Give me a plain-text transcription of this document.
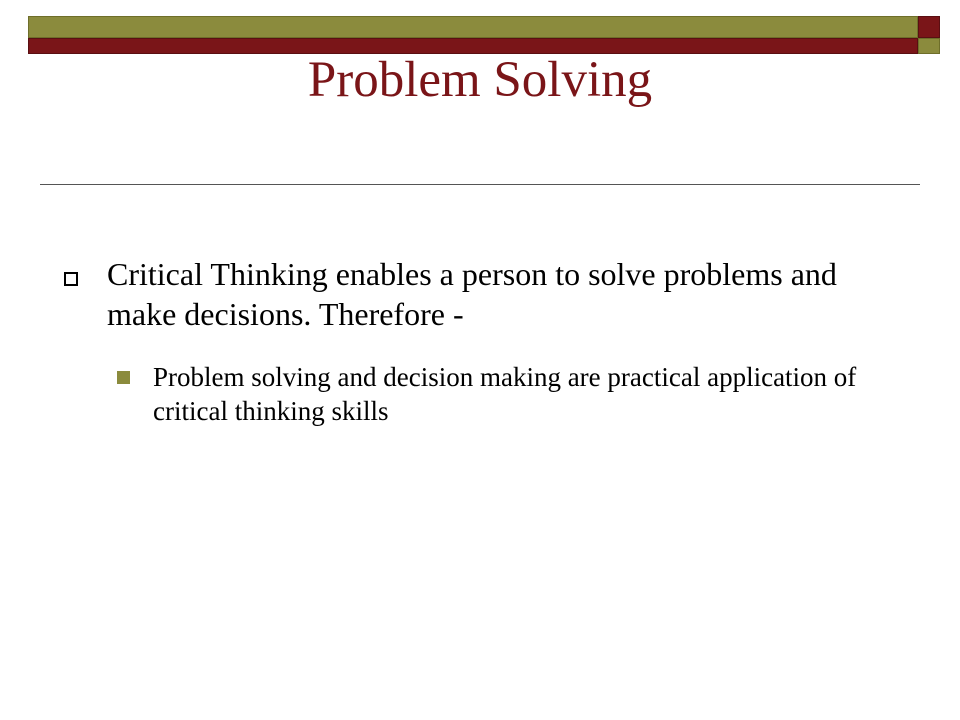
Problem Solving
Critical Thinking enables a person to solve problems and make decisions. Therefore -
Problem solving and decision making are practical application of critical thinking skills
